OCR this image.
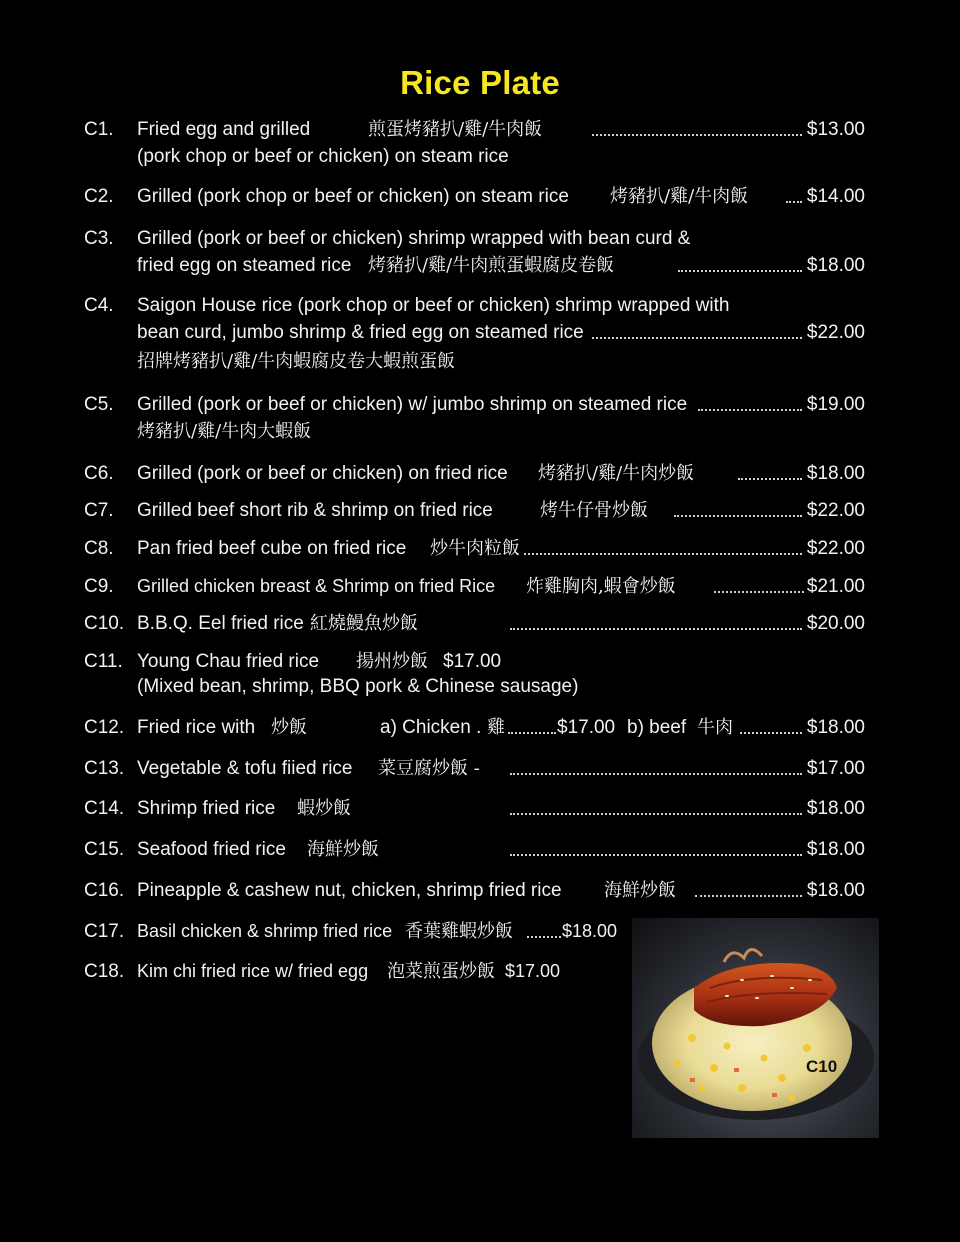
Rice Plate
C1. Fried egg and grilled	煎蛋烤豬扒/雞/牛肉飯	$13.00
(pork chop or beef or chicken) on steam rice
C2. Grilled (pork chop or beef or chicken) on steam rice 烤豬扒/雞/牛肉飯	$14.00
C3. Grilled (pork or beef or chicken) shrimp wrapped with bean curd &
fried egg on steamed rice 烤豬扒/雞/牛肉煎蛋蝦腐皮卷飯	$18.00
C4. Saigon House rice (pork chop or beef or chicken) shrimp wrapped with
bean curd, jumbo shrimp & fried egg on steamed rice	$22.00
招牌烤豬扒/雞/牛肉蝦腐皮卷大蝦煎蛋飯
C5. Grilled (pork or beef or chicken) w/ jumbo shrimp on steamed rice	$19.00
烤豬扒/雞/牛肉大蝦飯
C6. Grilled (pork or beef or chicken) on fried rice 烤豬扒/雞/牛肉炒飯	$18.00
C7. Grilled beef short rib & shrimp on fried rice	烤牛仔骨炒飯	$22.00
C8. Pan fried beef cube on fried rice 炒牛肉粒飯	$22.00
C9. Grilled chicken breast & Shrimp on fried Rice 炸雞胸肉,蝦會炒飯	$21.00
C10. B.B.Q. Eel fried rice 紅燒鰻魚炒飯	$20.00
C11. Young Chau fried rice 揚州炒飯 $17.00
(Mixed bean, shrimp, BBQ pork & Chinese sausage)
C12. Fried rice with 炒飯	a) Chicken . 雞	$17.00 b) beef 牛肉	$18.00
C13. Vegetable & tofu fiied rice 菜豆腐炒飯 -	$17.00
C14. Shrimp fried rice 蝦炒飯	$18.00
C15. Seafood fried rice 海鮮炒飯	$18.00
C16. Pineapple & cashew nut, chicken, shrimp fried rice 海鮮炒飯	$18.00
C17. Basil chicken & shrimp fried rice 香葉雞蝦炒飯	$18.00
C18. Kim chi fried rice w/ fried egg 泡菜煎蛋炒飯 $17.00
C10
